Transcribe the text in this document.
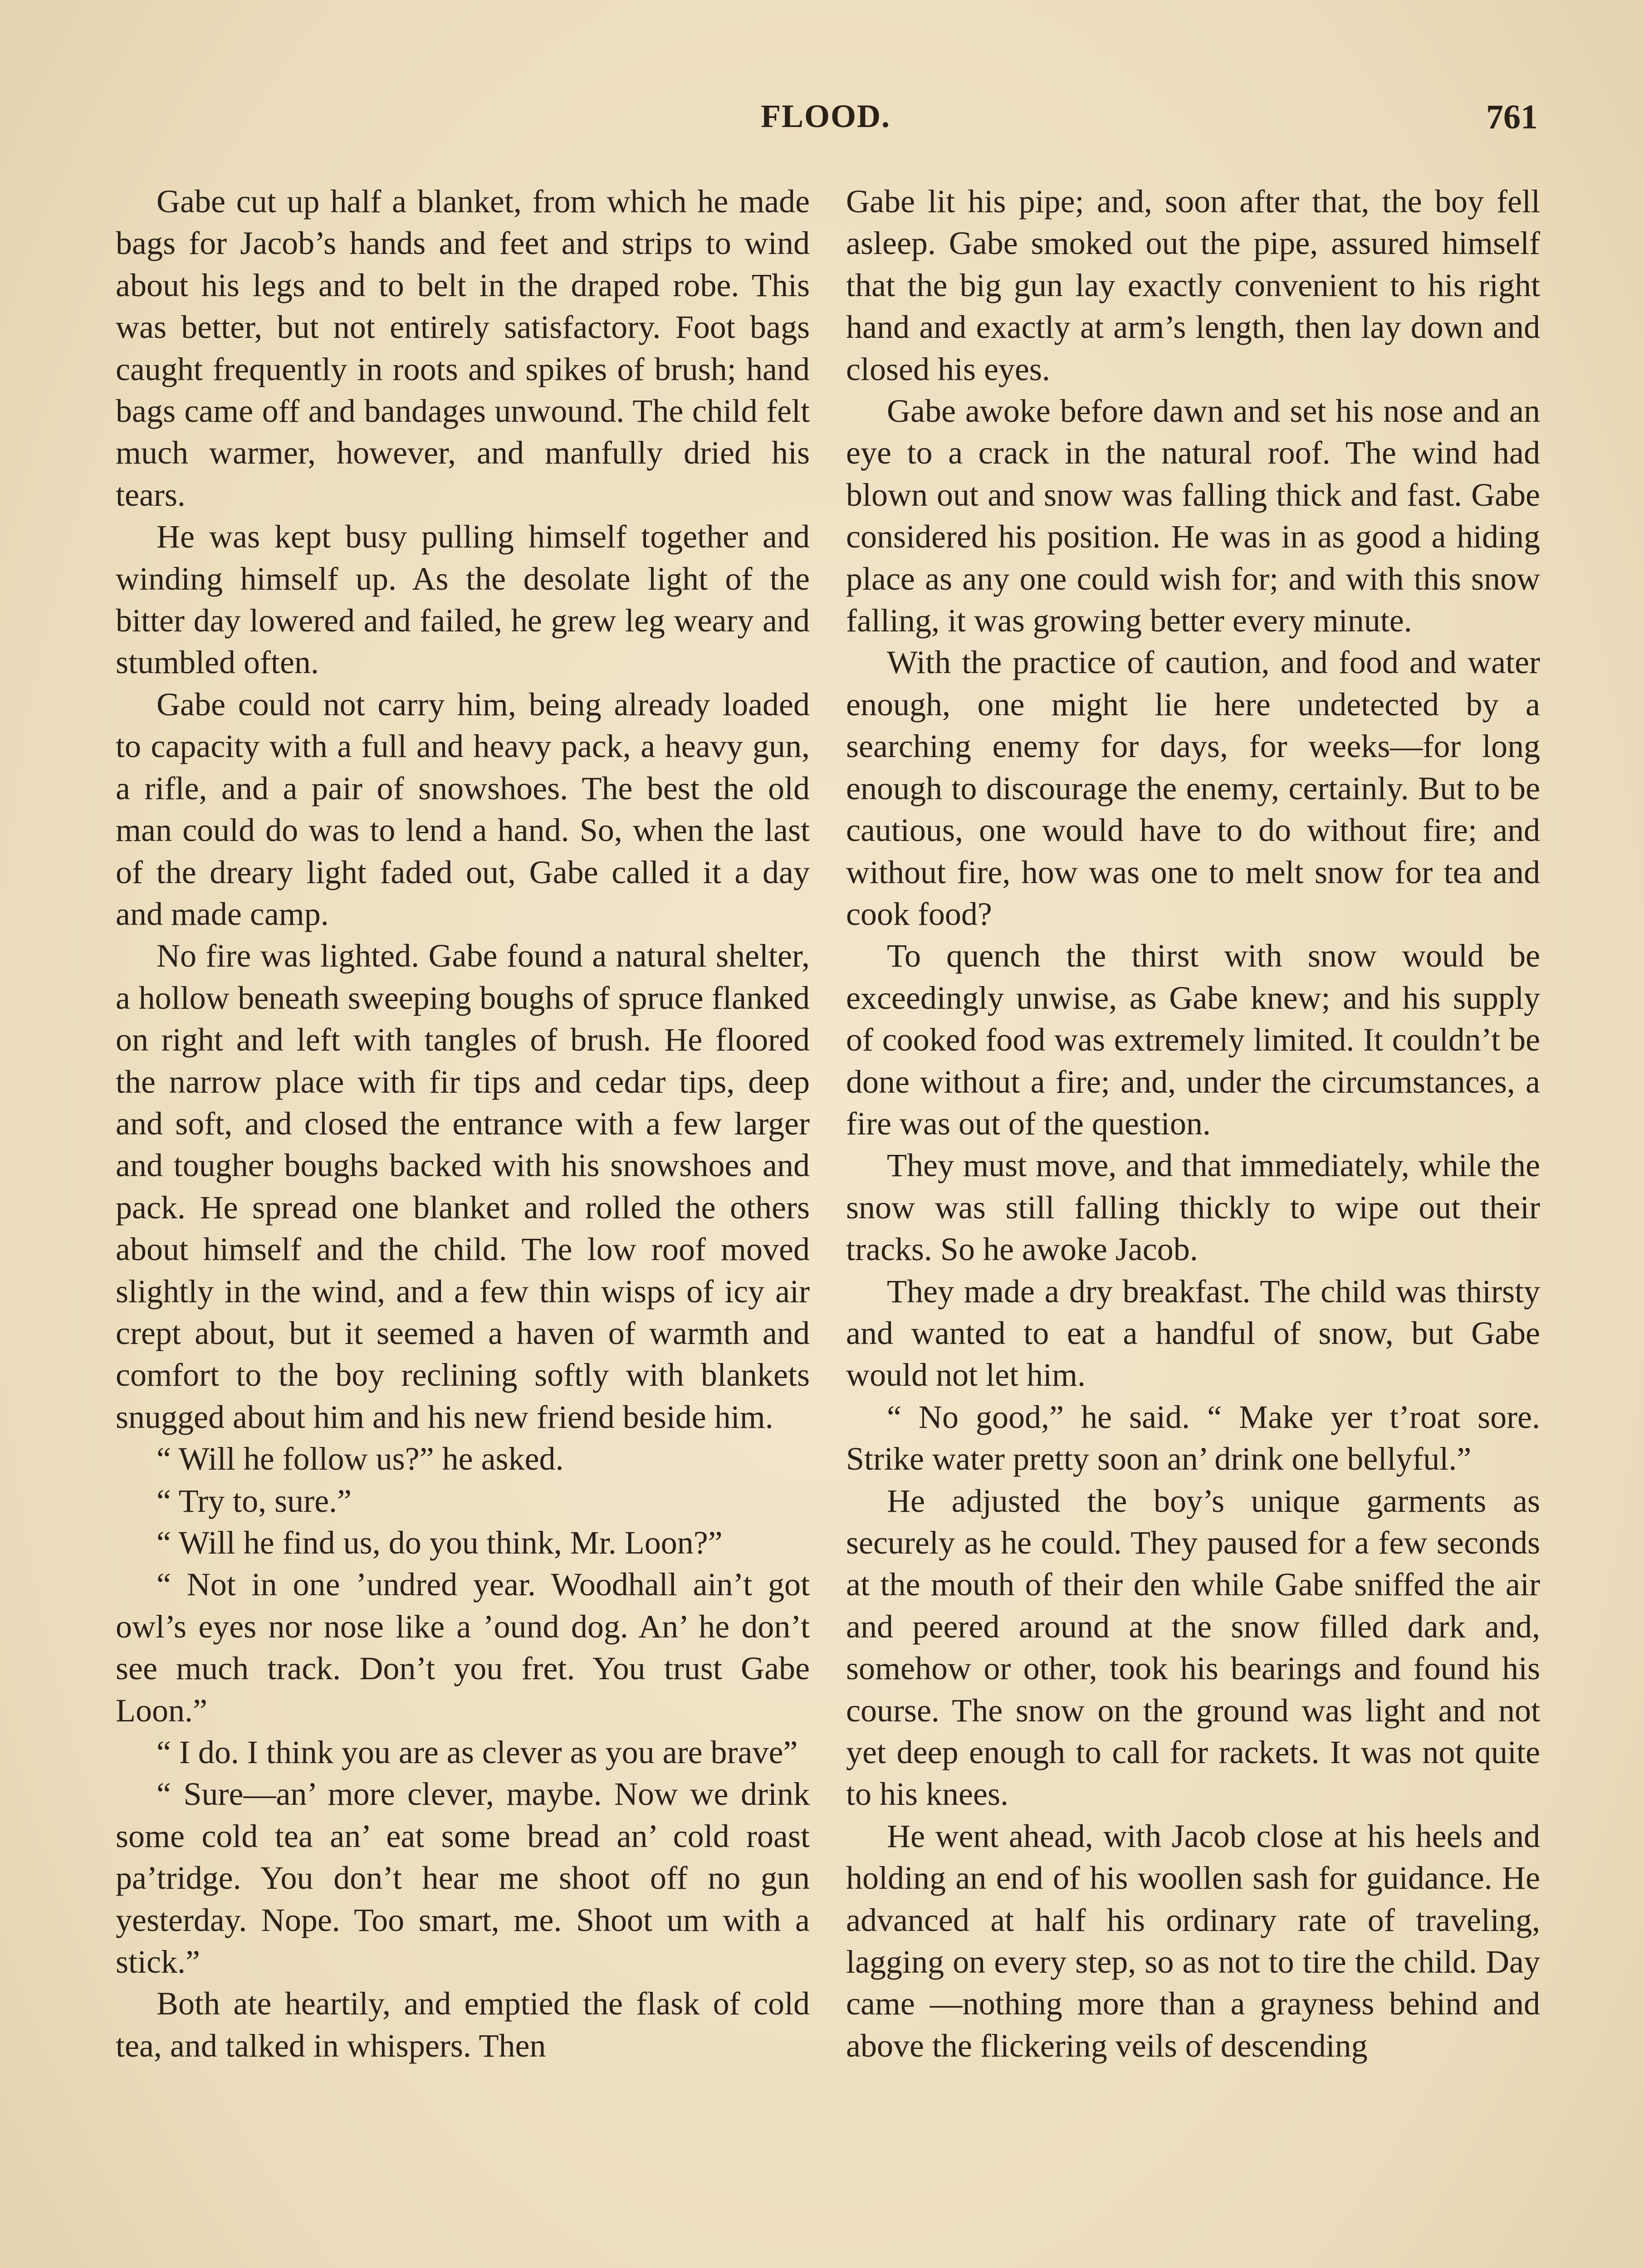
FLOOD.	761

Gabe cut up half a blanket, from which he made bags for Jacob’s hands and feet and strips to wind about his legs and to belt in the draped robe. This was better, but not entirely satisfactory. Foot bags caught frequently in roots and spikes of brush; hand bags came off and bandages unwound. The child felt much warmer, however, and manfully dried his tears.

He was kept busy pulling himself together and winding himself up. As the desolate light of the bitter day lowered and failed, he grew leg weary and stumbled often.

Gabe could not carry him, being already loaded to capacity with a full and heavy pack, a heavy gun, a rifle, and a pair of snowshoes. The best the old man could do was to lend a hand. So, when the last of the dreary light faded out, Gabe called it a day and made camp.

No fire was lighted. Gabe found a natural shelter, a hollow beneath sweeping boughs of spruce flanked on right and left with tangles of brush. He floored the narrow place with fir tips and cedar tips, deep and soft, and closed the entrance with a few larger and tougher boughs backed with his snowshoes and pack. He spread one blanket and rolled the others about himself and the child. The low roof moved slightly in the wind, and a few thin wisps of icy air crept about, but it seemed a haven of warmth and comfort to the boy reclining softly with blankets snugged about him and his new friend beside him.

“ Will he follow us?” he asked.

“ Try to, sure.”

“ Will he find us, do you think, Mr. Loon?”

“ Not in one ’undred year. Woodhall ain’t got owl’s eyes nor nose like a ’ound dog. An’ he don’t see much track. Don’t you fret. You trust Gabe Loon.”

“ I do. I think you are as clever as you are brave”

“ Sure—an’ more clever, maybe. Now we drink some cold tea an’ eat some bread an’ cold roast pa’tridge. You don’t hear me shoot off no gun yesterday. Nope. Too smart, me. Shoot um with a stick.”

Both ate heartily, and emptied the flask of cold tea, and talked in whispers. Then

Gabe lit his pipe; and, soon after that, the boy fell asleep. Gabe smoked out the pipe, assured himself that the big gun lay exactly convenient to his right hand and exactly at arm’s length, then lay down and closed his eyes.

Gabe awoke before dawn and set his nose and an eye to a crack in the natural roof. The wind had blown out and snow was falling thick and fast. Gabe considered his position. He was in as good a hiding place as any one could wish for; and with this snow falling, it was growing better every minute.

With the practice of caution, and food and water enough, one might lie here undetected by a searching enemy for days, for weeks—for long enough to discourage the enemy, certainly. But to be cautious, one would have to do without fire; and without fire, how was one to melt snow for tea and cook food?

To quench the thirst with snow would be exceedingly unwise, as Gabe knew; and his supply of cooked food was extremely limited. It couldn’t be done without a fire; and, under the circumstances, a fire was out of the question.

They must move, and that immediately, while the snow was still falling thickly to wipe out their tracks. So he awoke Jacob.

They made a dry breakfast. The child was thirsty and wanted to eat a handful of snow, but Gabe would not let him.

“ No good,” he said. “ Make yer t’roat sore. Strike water pretty soon an’ drink one bellyful.”

He adjusted the boy’s unique garments as securely as he could. They paused for a few seconds at the mouth of their den while Gabe sniffed the air and peered around at the snow filled dark and, somehow or other, took his bearings and found his course. The snow on the ground was light and not yet deep enough to call for rackets. It was not quite to his knees.

He went ahead, with Jacob close at his heels and holding an end of his woollen sash for guidance. He advanced at half his ordinary rate of traveling, lagging on every step, so as not to tire the child. Day came —nothing more than a grayness behind and above the flickering veils of descending
